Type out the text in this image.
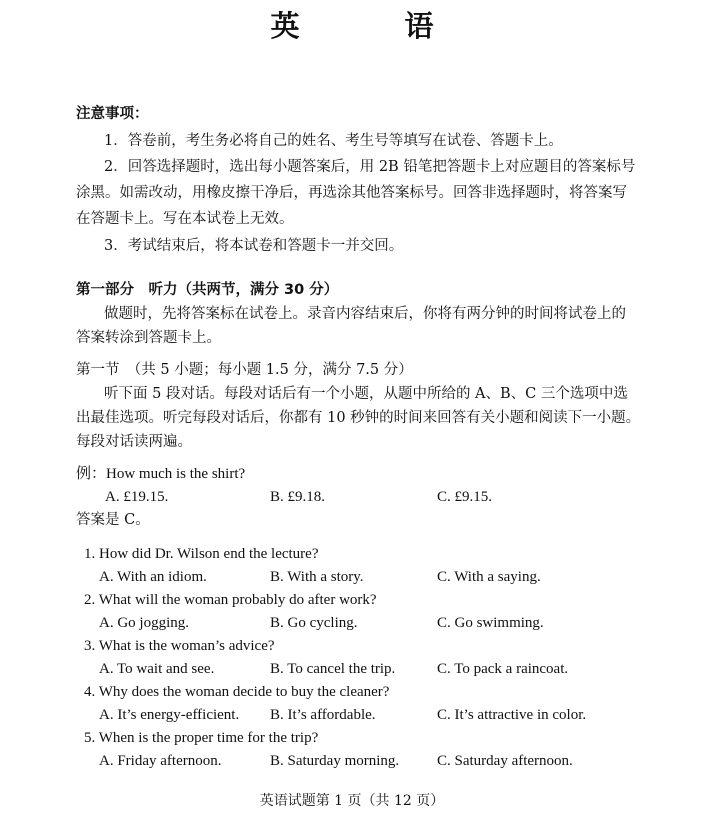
英　语
注意事项：
1．答卷前，考生务必将自己的姓名、考生号等填写在试卷、答题卡上。
2．回答选择题时，选出每小题答案后，用 2B 铅笔把答题卡上对应题目的答案标号
涂黑。如需改动，用橡皮擦干净后，再选涂其他答案标号。回答非选择题时，将答案写
在答题卡上。写在本试卷上无效。
3．考试结束后，将本试卷和答题卡一并交回。
第一部分　听力（共两节，满分 30 分）
做题时，先将答案标在试卷上。录音内容结束后，你将有两分钟的时间将试卷上的
答案转涂到答题卡上。
第一节　（共 5 小题；每小题 1.5 分，满分 7.5 分）
听下面 5 段对话。每段对话后有一个小题，从题中所给的 A、B、C 三个选项中选
出最佳选项。听完每段对话后，你都有 10 秒钟的时间来回答有关小题和阅读下一小题。
每段对话读两遍。
例：How much is the shirt?
A. £19.15.	B. £9.18.	C. £9.15.
答案是 C。
1. How did Dr. Wilson end the lecture?
A. With an idiom.	B. With a story.	C. With a saying.
2. What will the woman probably do after work?
A. Go jogging.	B. Go cycling.	C. Go swimming.
3. What is the woman’s advice?
A. To wait and see.	B. To cancel the trip.	C. To pack a raincoat.
4. Why does the woman decide to buy the cleaner?
A. It’s energy-efficient. B. It’s affordable.	C. It’s attractive in color.
5. When is the proper time for the trip?
A. Friday afternoon.	B. Saturday morning.	C. Saturday afternoon.
英语试题第 1 页（共 12 页）
